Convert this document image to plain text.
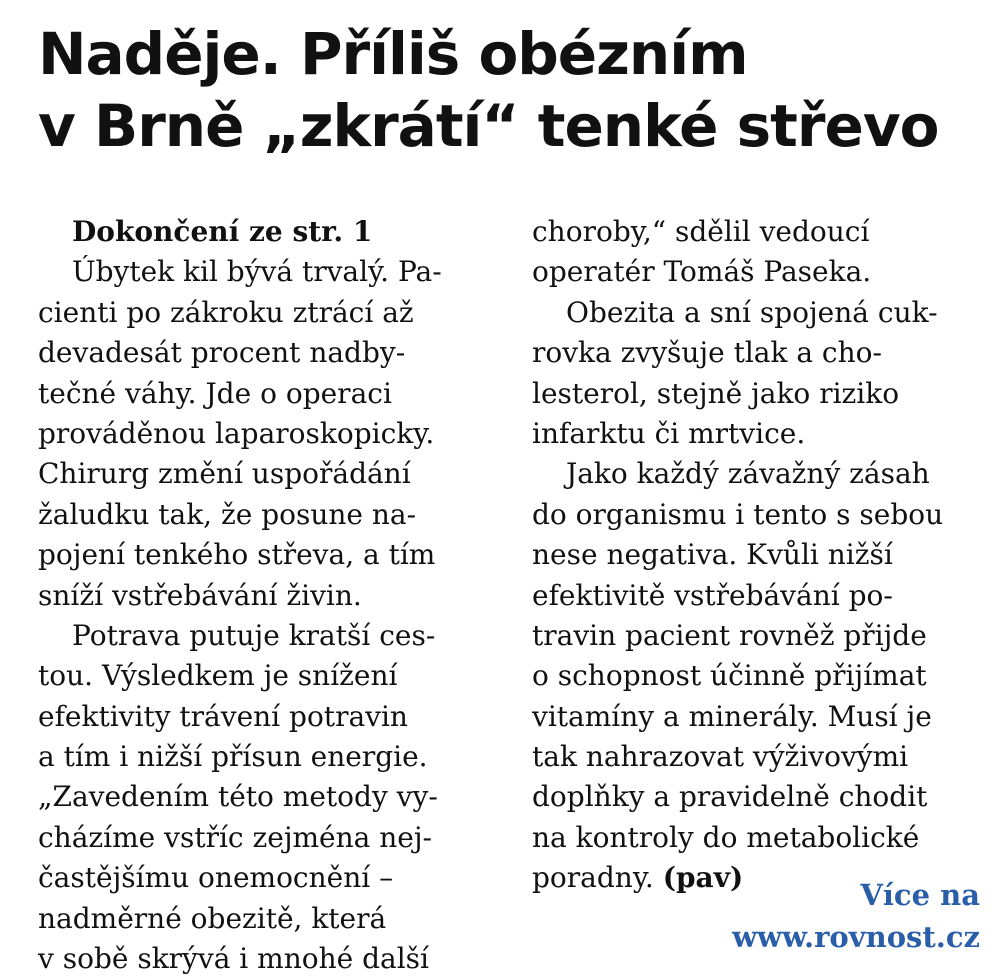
Naděje. Příliš obézním
v Brně „zkrátí“ tenké střevo
Dokončení ze str. 1
Úbytek kil bývá trvalý. Pa-
cienti po zákroku ztrácí až
devadesát procent nadby-
tečné váhy. Jde o operaci
prováděnou laparoskopicky.
Chirurg změní uspořádání
žaludku tak, že posune na-
pojení tenkého střeva, a tím
sníží vstřebávání živin.
Potrava putuje kratší ces-
tou. Výsledkem je snížení
efektivity trávení potravin
a tím i nižší přísun energie.
„Zavedením této metody vy-
cházíme vstříc zejména nej-
častějšímu onemocnění –
nadměrné obezitě, která
v sobě skrývá i mnohé další
choroby,“ sdělil vedoucí
operatér Tomáš Paseka.
Obezita a sní spojená cuk-
rovka zvyšuje tlak a cho-
lesterol, stejně jako riziko
infarktu či mrtvice.
Jako každý závažný zásah
do organismu i tento s sebou
nese negativa. Kvůli nižší
efektivitě vstřebávání po-
travin pacient rovněž přijde
o schopnost účinně přijímat
vitamíny a minerály. Musí je
tak nahrazovat výživovými
doplňky a pravidelně chodit
na kontroly do metabolické
poradny. (pav)
Více na
www.rovnost.cz
